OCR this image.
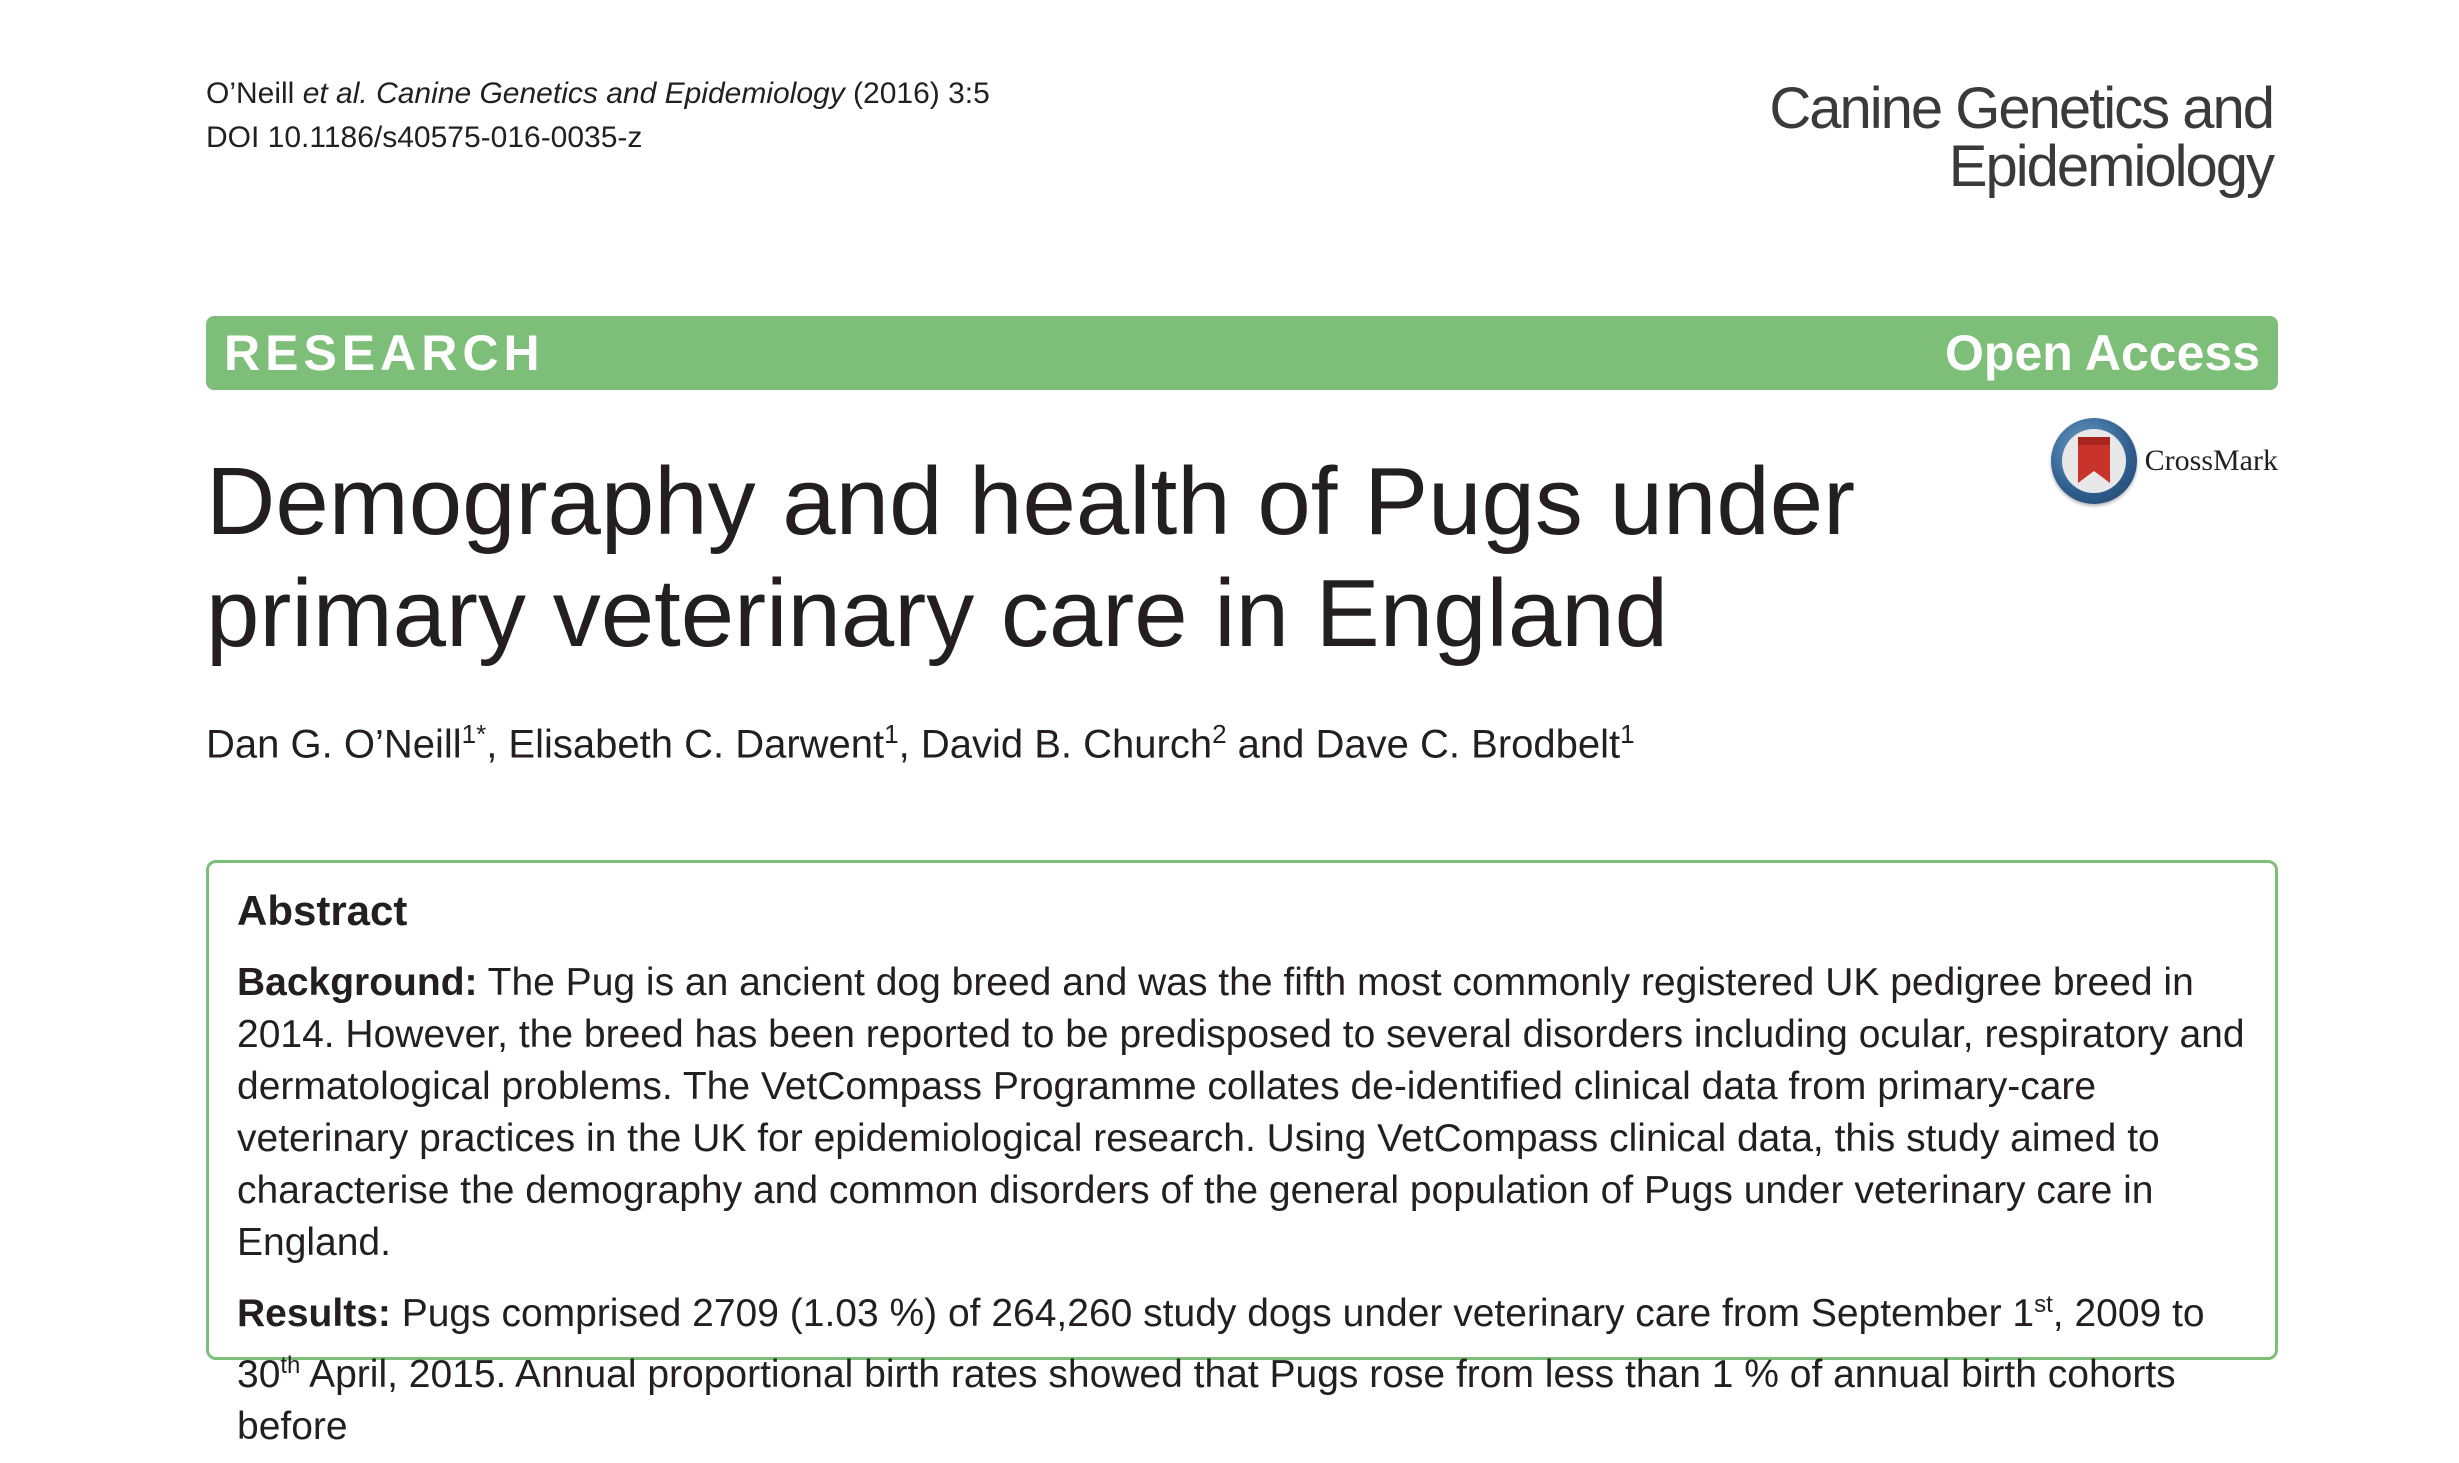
O’Neill et al. Canine Genetics and Epidemiology (2016) 3:5
DOI 10.1186/s40575-016-0035-z	Canine Genetics and
Epidemiology
RESEARCH	Open Access
CrossMark
Demography and health of Pugs under
primary veterinary care in England
Dan G. O’Neill$^{1*}$, Elisabeth C. Darwent$^1$, David B. Church$^2$ and Dave C. Brodbelt$^1$
Abstract

Background: The Pug is an ancient dog breed and was the fifth most commonly registered UK pedigree breed in 2014. However, the breed has been reported to be predisposed to several disorders including ocular, respiratory and dermatological problems. The VetCompass Programme collates de-identified clinical data from primary-care veterinary practices in the UK for epidemiological research. Using VetCompass clinical data, this study aimed to characterise the demography and common disorders of the general population of Pugs under veterinary care in England.

Results: Pugs comprised 2709 (1.03 %) of 264,260 study dogs under veterinary care from September 1st, 2009 to 30th April, 2015. Annual proportional birth rates showed that Pugs rose from less than 1 % of annual birth cohorts before
